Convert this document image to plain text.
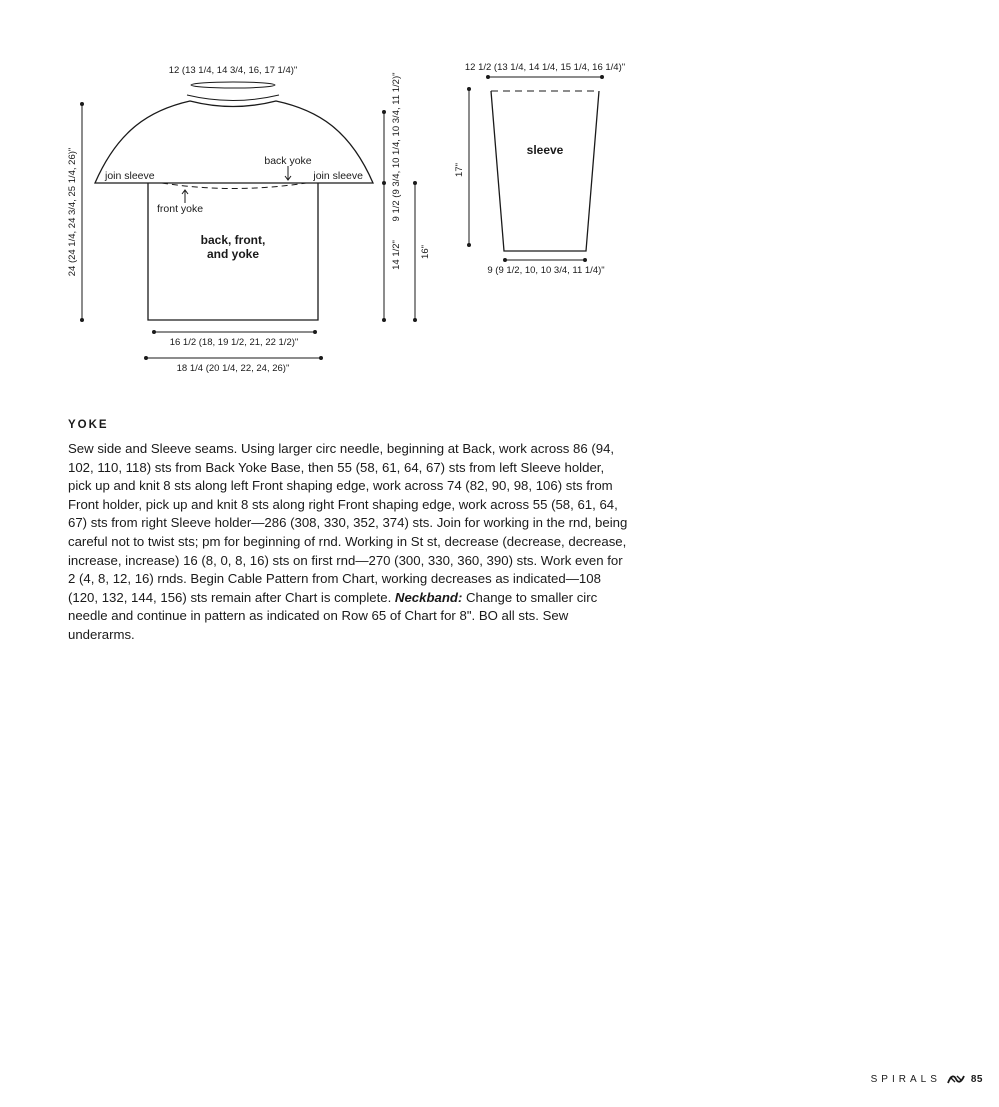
12 (13 1/4, 14 3/4, 16, 17 1/4)"
back yoke
join sleeve	join sleeve
front yoke
back, front,
and yoke
24 (24 1/4, 24 3/4, 25 1/4, 26)"	9 1/2 (9 3/4, 10 1/4, 10 3/4, 11 1/2)"
14 1/2" 16"
16 1/2 (18, 19 1/2, 21, 22 1/2)"
18 1/4 (20 1/4, 22, 24, 26)"
12 1/2 (13 1/4, 14 1/4, 15 1/4, 16 1/4)"
sleeve
17"
9 (9 1/2, 10, 10 3/4, 11 1/4)"
YOKE

Sew side and Sleeve seams. Using larger circ needle, beginning at Back, work across 86 (94, 102, 110, 118) sts from Back Yoke Base, then 55 (58, 61, 64, 67) sts from left Sleeve holder, pick up and knit 8 sts along left Front shaping edge, work across 74 (82, 90, 98, 106) sts from Front holder, pick up and knit 8 sts along right Front shaping edge, work across 55 (58, 61, 64, 67) sts from right Sleeve holder—286 (308, 330, 352, 374) sts. Join for working in the rnd, being careful not to twist sts; pm for beginning of rnd. Working in St st, decrease (decrease, decrease, increase, increase) 16 (8, 0, 8, 16) sts on first rnd—270 (300, 330, 360, 390) sts. Work even for 2 (4, 8, 12, 16) rnds. Begin Cable Pattern from Chart, working decreases as indicated—108 (120, 132, 144, 156) sts remain after Chart is complete. Neckband: Change to smaller circ needle and continue in pattern as indicated on Row 65 of Chart for 8". BO all sts. Sew underarms.

SPIRALS	85
